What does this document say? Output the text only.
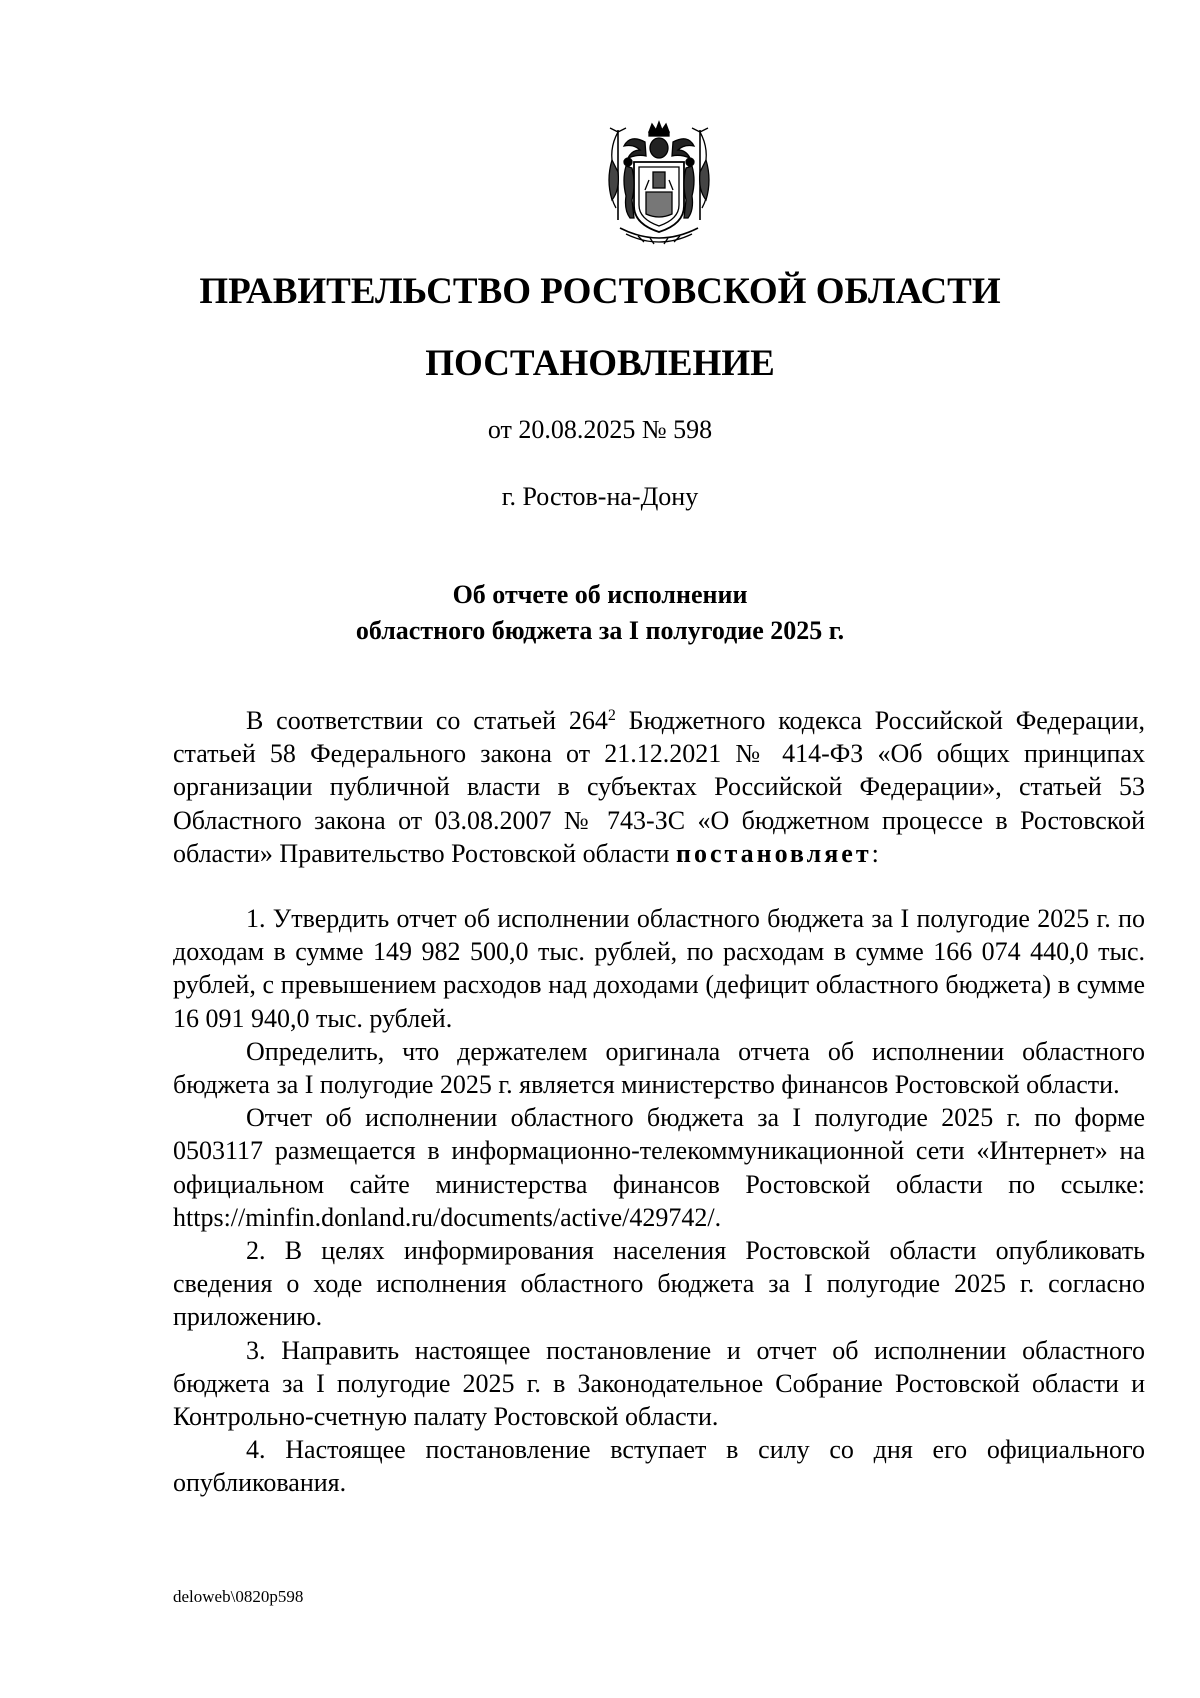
ПРАВИТЕЛЬСТВО РОСТОВСКОЙ ОБЛАСТИ
ПОСТАНОВЛЕНИЕ
от 20.08.2025 № 598
г. Ростов-на-Дону
Об отчете об исполнении
областного бюджета за I полугодие 2025 г.

В соответствии со статьей $264^2$ Бюджетного кодекса Российской Федерации, статьей 58 Федерального закона от 21.12.2021 № 414-ФЗ «Об общих принципах организации публичной власти в субъектах Российской Федерации», статьей 53 Областного закона от 03.08.2007 № 743-ЗС «О бюджетном процессе в Ростовской области» Правительство Ростовской области постановляет:

1. Утвердить отчет об исполнении областного бюджета за I полугодие 2025 г. по доходам в сумме 149 982 500,0 тыс. рублей, по расходам в сумме 166 074 440,0 тыс. рублей, с превышением расходов над доходами (дефицит областного бюджета) в сумме 16 091 940,0 тыс. рублей.

Определить, что держателем оригинала отчета об исполнении областного бюджета за I полугодие 2025 г. является министерство финансов Ростовской области.

Отчет об исполнении областного бюджета за I полугодие 2025 г. по форме 0503117 размещается в информационно-телекоммуникационной сети «Интернет» на официальном сайте министерства финансов Ростовской области по ссылке: https://minfin.donland.ru/documents/active/429742/.

2. В целях информирования населения Ростовской области опубликовать сведения о ходе исполнения областного бюджета за I полугодие 2025 г. согласно приложению.

3. Направить настоящее постановление и отчет об исполнении областного бюджета за I полугодие 2025 г. в Законодательное Собрание Ростовской области и Контрольно-счетную палату Ростовской области.

4. Настоящее постановление вступает в силу со дня его официального опубликования.

deloweb\0820p598
